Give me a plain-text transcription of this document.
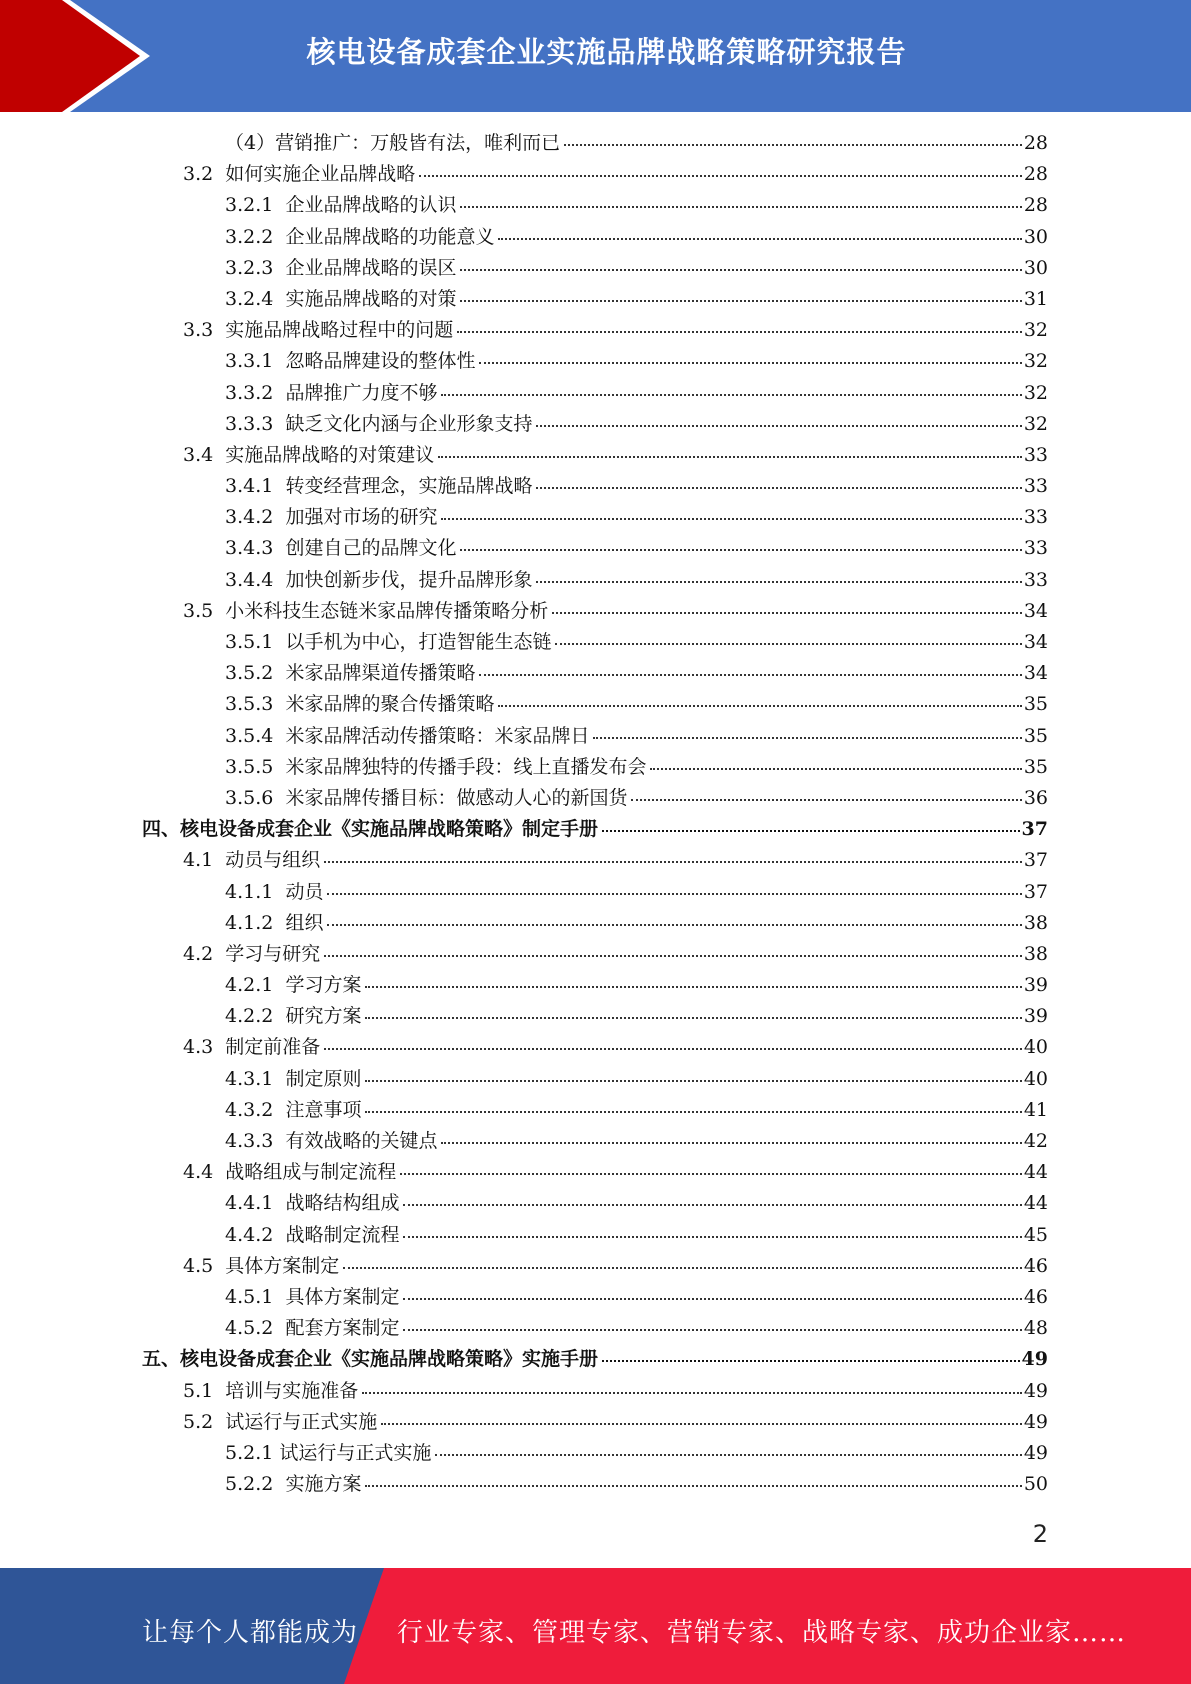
核电设备成套企业实施品牌战略策略研究报告
（4） 营销推广：万般皆有法，唯利而已	28
3.2 如何实施企业品牌战略	28
3.2.1 企业品牌战略的认识	28
3.2.2 企业品牌战略的功能意义	30
3.2.3 企业品牌战略的误区	30
3.2.4 实施品牌战略的对策	31
3.3 实施品牌战略过程中的问题	32
3.3.1 忽略品牌建设的整体性	32
3.3.2 品牌推广力度不够	32
3.3.3 缺乏文化内涵与企业形象支持	32
3.4 实施品牌战略的对策建议	33
3.4.1 转变经营理念，实施品牌战略	33
3.4.2 加强对市场的研究	33
3.4.3 创建自己的品牌文化	33
3.4.4 加快创新步伐，提升品牌形象	33
3.5 小米科技生态链米家品牌传播策略分析	34
3.5.1 以手机为中心，打造智能生态链	34
3.5.2 米家品牌渠道传播策略	34
3.5.3 米家品牌的聚合传播策略	35
3.5.4 米家品牌活动传播策略：米家品牌日	35
3.5.5 米家品牌独特的传播手段：线上直播发布会	35
3.5.6 米家品牌传播目标：做感动人心的新国货	36
四、核电设备成套企业《实施品牌战略策略》制定手册	37
4.1 动员与组织	37
4.1.1 动员	37
4.1.2 组织	38
4.2 学习与研究	38
4.2.1 学习方案	39
4.2.2 研究方案	39
4.3 制定前准备	40
4.3.1 制定原则	40
4.3.2 注意事项	41
4.3.3 有效战略的关键点	42
4.4 战略组成与制定流程	44
4.4.1 战略结构组成	44
4.4.2 战略制定流程	45
4.5 具体方案制定	46
4.5.1 具体方案制定	46
4.5.2 配套方案制定	48
五、核电设备成套企业《实施品牌战略策略》实施手册	49
5.1 培训与实施准备	49
5.2 试运行与正式实施	49
5.2.1 试运行与正式实施	49
5.2.2 实施方案	50
2
让每个人都能成为 行业专家、管理专家、营销专家、战略专家、成功企业家……
